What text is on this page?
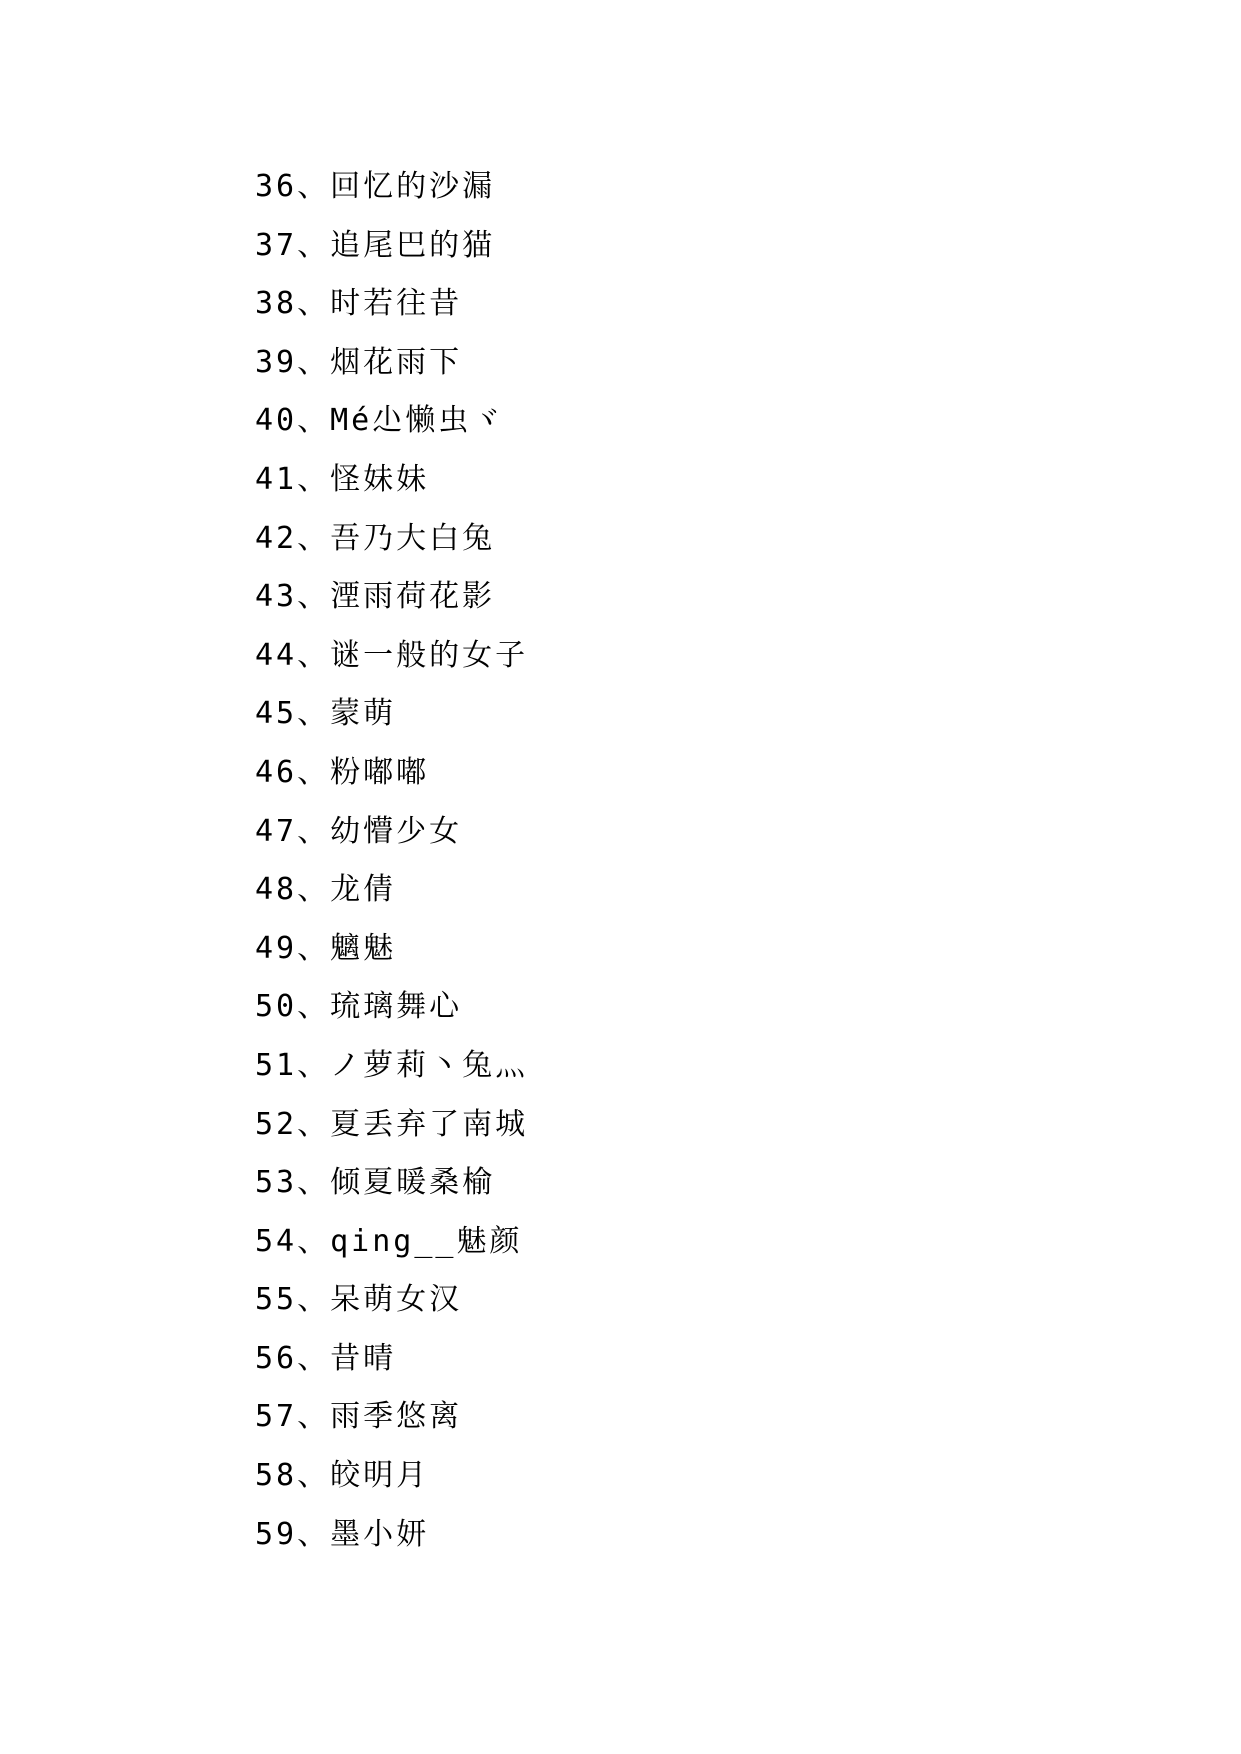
36、回忆的沙漏
37、追尾巴的猫
38、时若往昔
39、烟花雨下
40、Mé尐懒虫ヾ
41、怪妹妹
42、吾乃大白兔
43、湮雨荷花影
44、谜一般的女子
45、蒙萌
46、粉嘟嘟
47、幼懵少女
48、龙倩
49、魑魅
50、琉璃舞心
51、ノ萝莉丶兔灬
52、夏丢弃了南城
53、倾夏暖桑榆
54、qing__魅颜
55、呆萌女汉
56、昔晴
57、雨季悠离
58、皎明月
59、墨小妍
